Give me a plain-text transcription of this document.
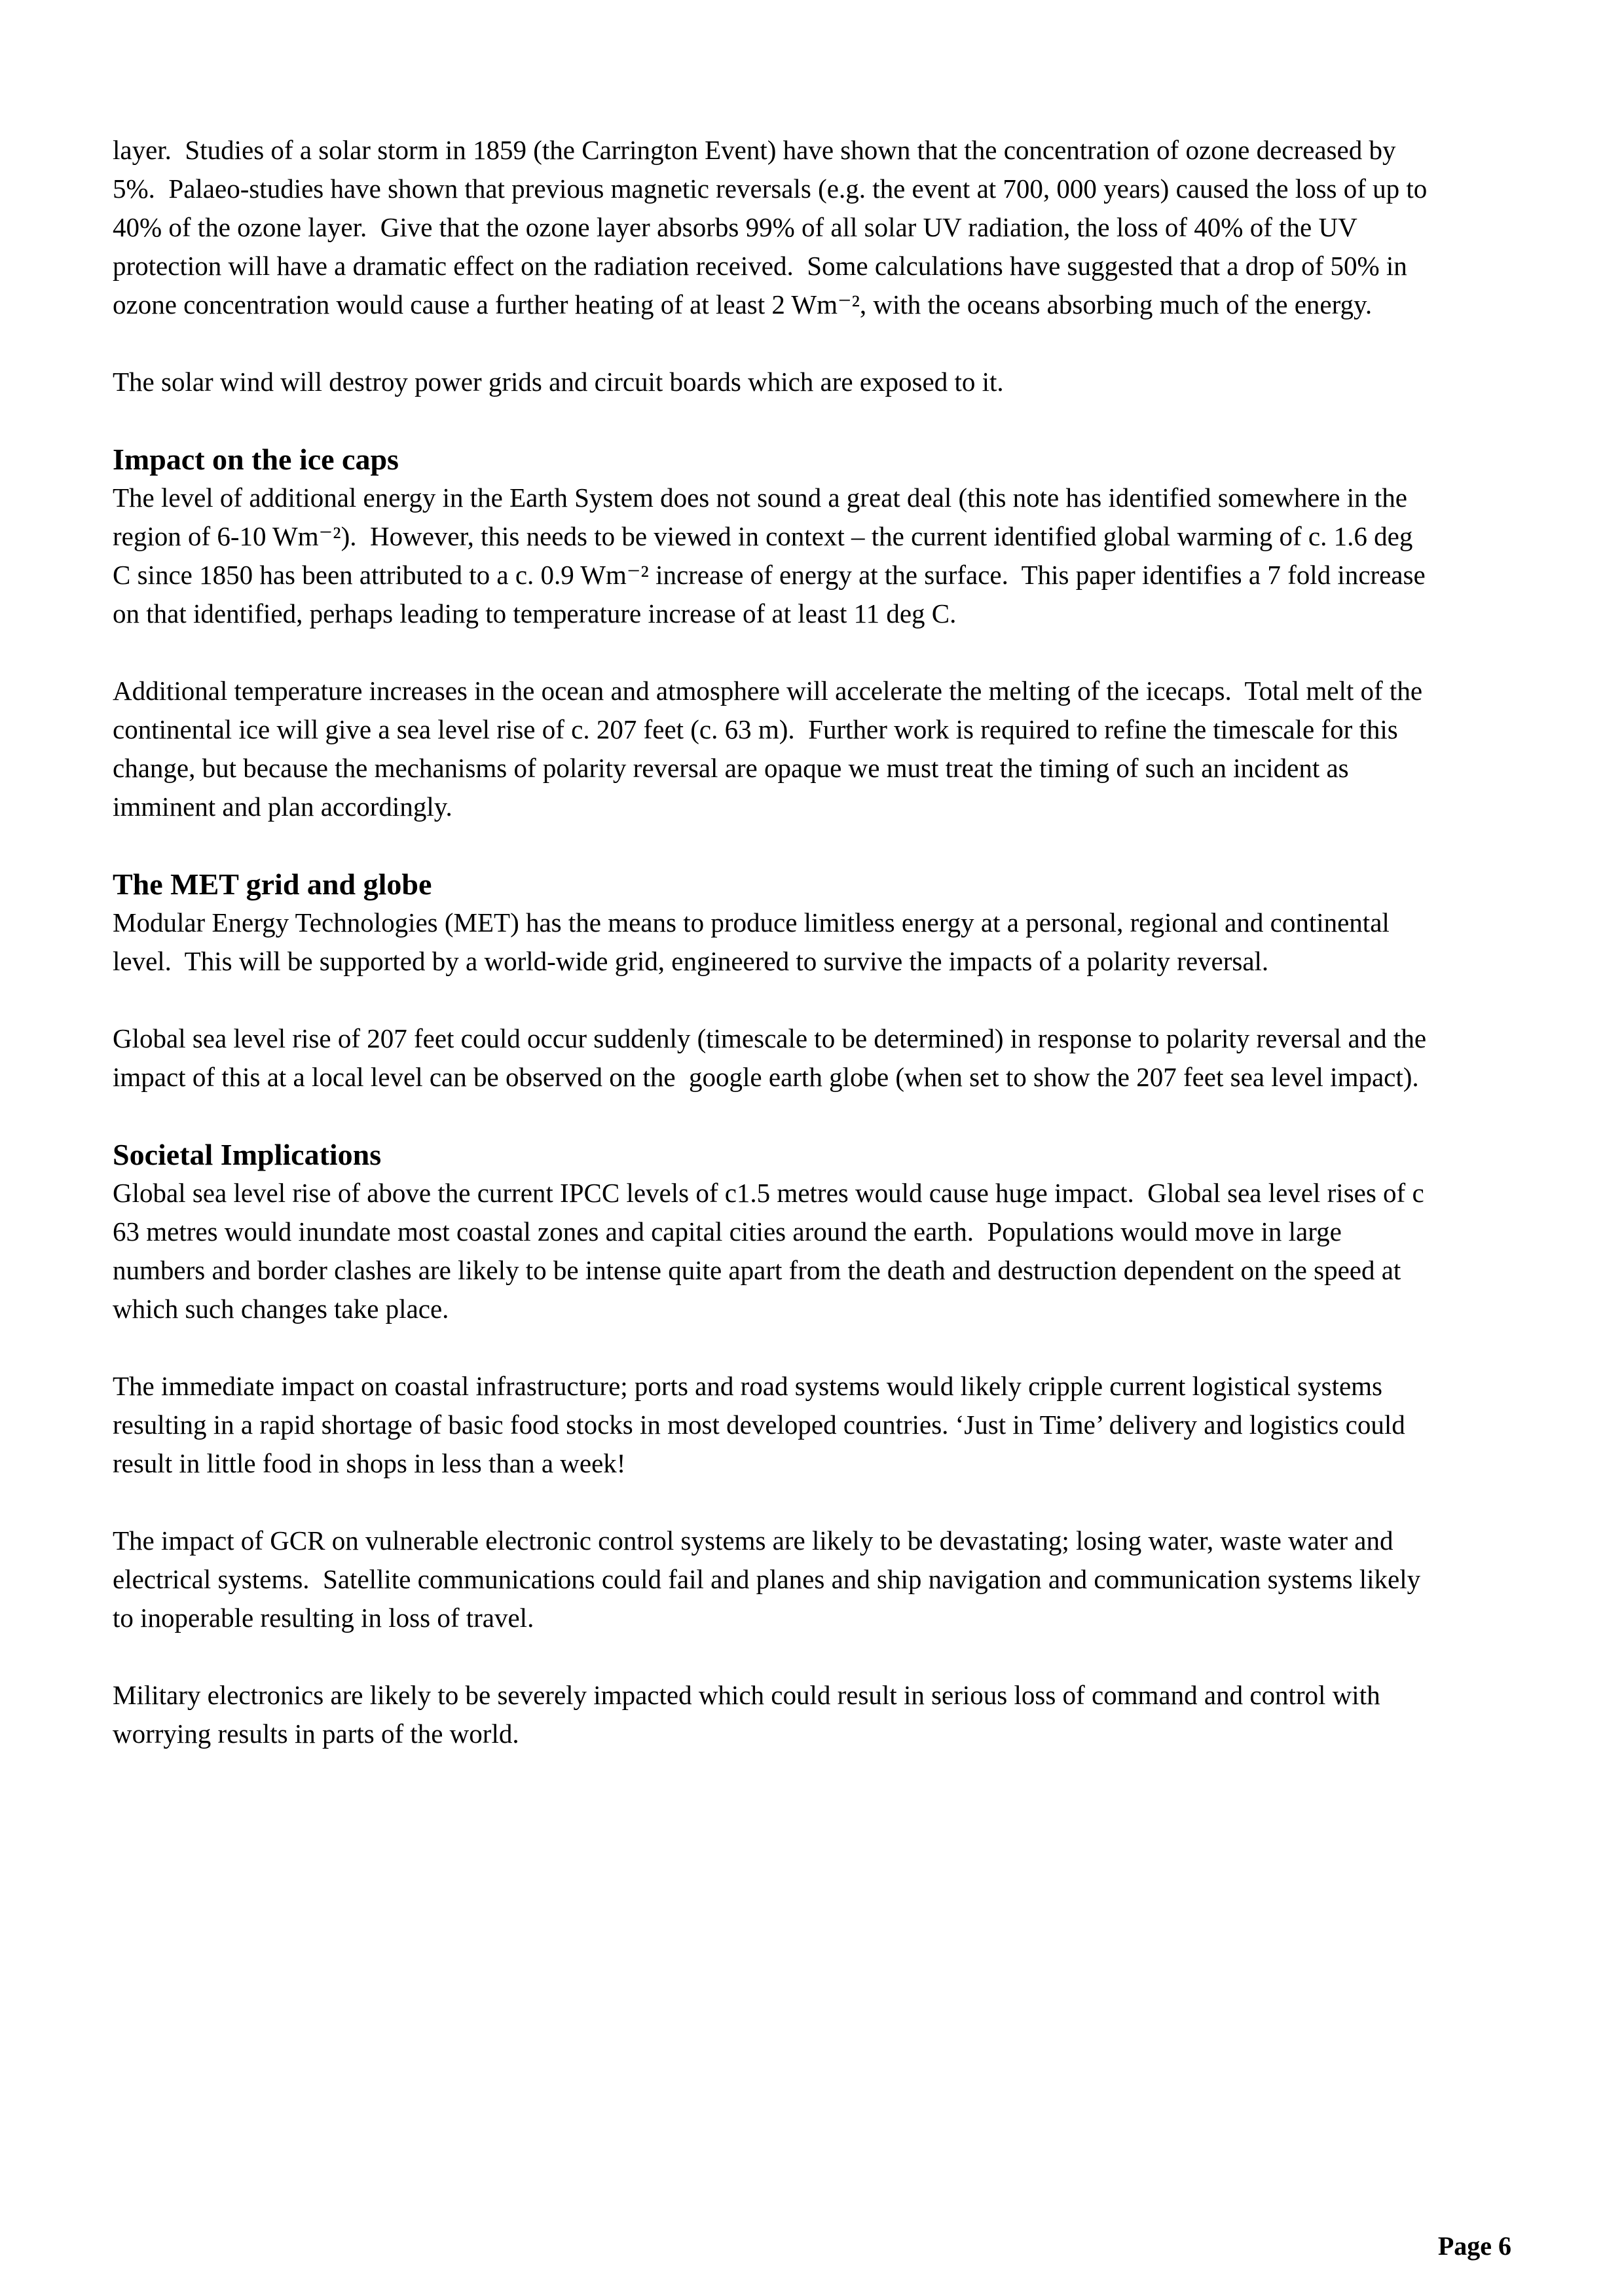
layer.  Studies of a solar storm in 1859 (the Carrington Event) have shown that the concentration of ozone decreased by 5%.  Palaeo-studies have shown that previous magnetic reversals (e.g. the event at 700, 000 years) caused the loss of up to 40% of the ozone layer.  Give that the ozone layer absorbs 99% of all solar UV radiation, the loss of 40% of the UV protection will have a dramatic effect on the radiation received.  Some calculations have suggested that a drop of 50% in ozone concentration would cause a further heating of at least 2 Wm⁻², with the oceans absorbing much of the energy.

The solar wind will destroy power grids and circuit boards which are exposed to it.

Impact on the ice caps

The level of additional energy in the Earth System does not sound a great deal (this note has identified somewhere in the region of 6-10 Wm⁻²).  However, this needs to be viewed in context – the current identified global warming of c. 1.6 deg C since 1850 has been attributed to a c. 0.9 Wm⁻² increase of energy at the surface.  This paper identifies a 7 fold increase on that identified, perhaps leading to temperature increase of at least 11 deg C.

Additional temperature increases in the ocean and atmosphere will accelerate the melting of the icecaps.  Total melt of the continental ice will give a sea level rise of c. 207 feet (c. 63 m).  Further work is required to refine the timescale for this change, but because the mechanisms of polarity reversal are opaque we must treat the timing of such an incident as imminent and plan accordingly.

The MET grid and globe

Modular Energy Technologies (MET) has the means to produce limitless energy at a personal, regional and continental level.  This will be supported by a world-wide grid, engineered to survive the impacts of a polarity reversal.

Global sea level rise of 207 feet could occur suddenly (timescale to be determined) in response to polarity reversal and the impact of this at a local level can be observed on the  google earth globe (when set to show the 207 feet sea level impact).

Societal Implications

Global sea level rise of above the current IPCC levels of c1.5 metres would cause huge impact.  Global sea level rises of c 63 metres would inundate most coastal zones and capital cities around the earth.  Populations would move in large numbers and border clashes are likely to be intense quite apart from the death and destruction dependent on the speed at which such changes take place.

The immediate impact on coastal infrastructure; ports and road systems would likely cripple current logistical systems resulting in a rapid shortage of basic food stocks in most developed countries. ‘Just in Time’ delivery and logistics could result in little food in shops in less than a week!

The impact of GCR on vulnerable electronic control systems are likely to be devastating; losing water, waste water and electrical systems.  Satellite communications could fail and planes and ship navigation and communication systems likely to inoperable resulting in loss of travel.

Military electronics are likely to be severely impacted which could result in serious loss of command and control with worrying results in parts of the world.

Page 6
